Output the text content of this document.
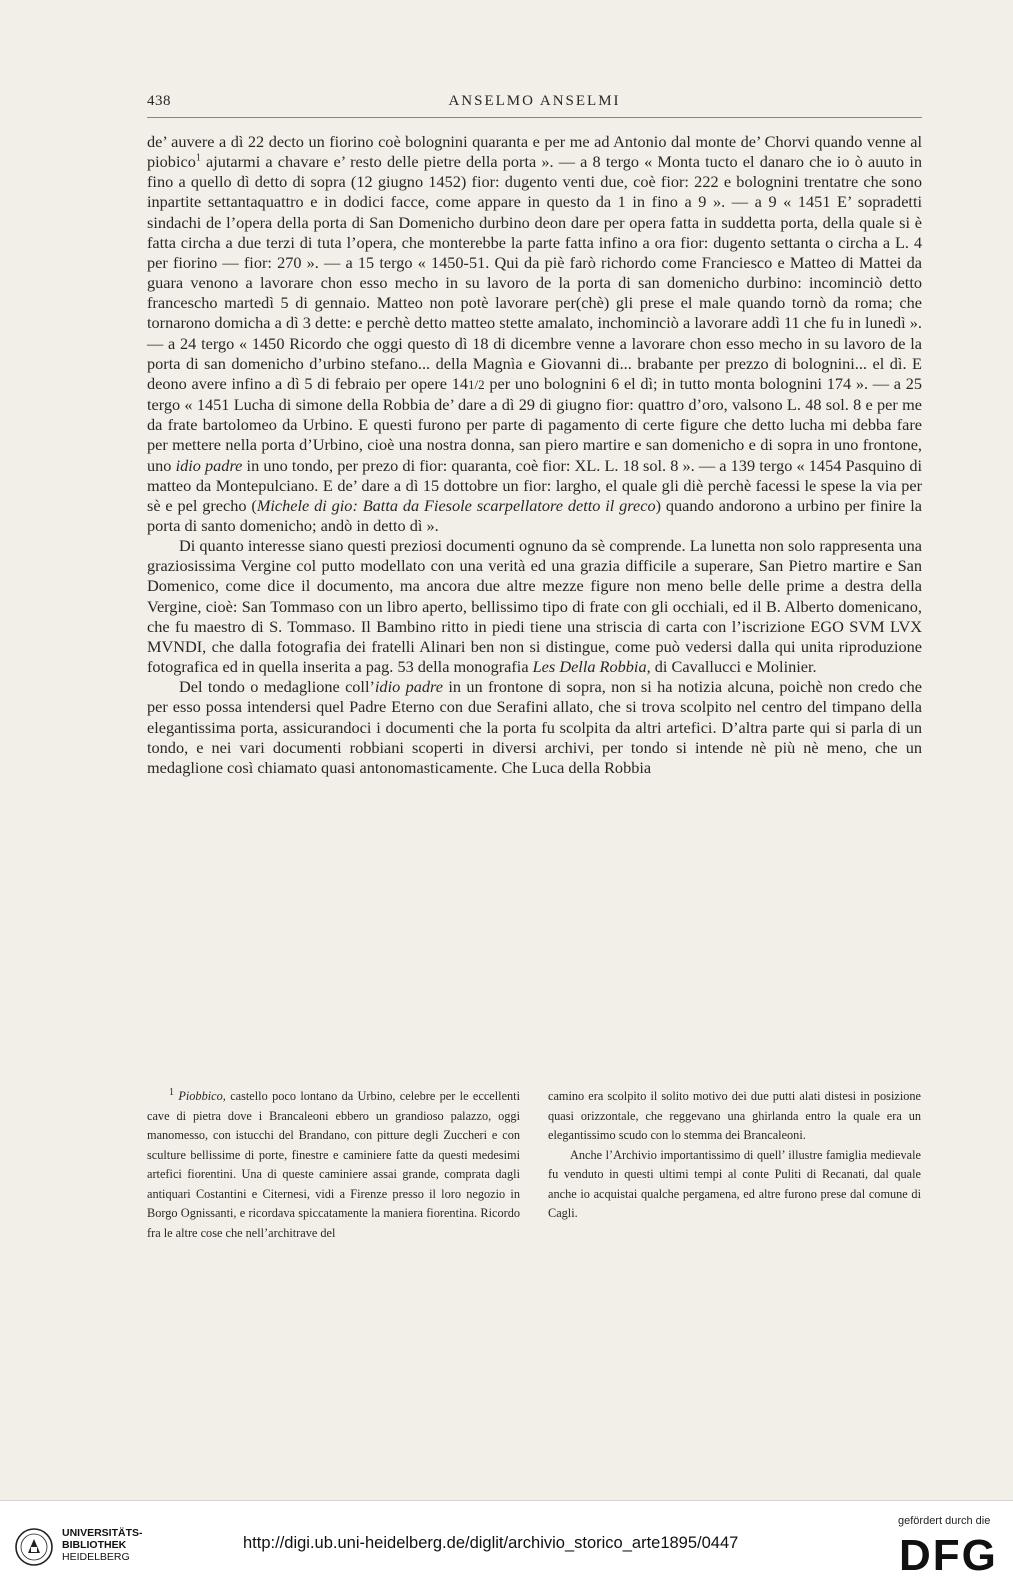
438	ANSELMO ANSELMI

de’ auvere a dì 22 decto un fiorino coè bolognini quaranta e per me ad Antonio dal monte de’ Chorvi quando venne al piobico$^1$ ajutarmi a chavare e’ resto delle pietre della porta ». — a 8 tergo « Monta tucto el danaro che io ò auuto in fino a quello dì detto di sopra (12 giugno 1452) fior: dugento venti due, coè fior: 222 e bolognini trentatre che sono inpartite settantaquattro e in dodici facce, come appare in questo da 1 in fino a 9 ». — a 9 « 1451 E’ sopradetti sindachi de l’opera della porta di San Domenicho durbino deon dare per opera fatta in suddetta porta, della quale si è fatta circha a due terzi di tuta l’opera, che monterebbe la parte fatta infino a ora fior: dugento settanta o circha a L. 4 per fiorino — fior: 270 ». — a 15 tergo « 1450-51. Qui da piè farò richordo come Franciesco e Matteo di Mattei da guara venono a lavorare chon esso mecho in su lavoro de la porta di san domenicho durbino: incominciò detto francescho martedì 5 di gennaio. Matteo non potè lavorare per(chè) gli prese el male quando tornò da roma; che tornarono domicha a dì 3 dette: e perchè detto matteo stette amalato, inchominciò a lavorare addì 11 che fu in lunedì ». — a 24 tergo « 1450 Ricordo che oggi questo dì 18 di dicembre venne a lavorare chon esso mecho in su lavoro de la porta di san domenicho d’urbino stefano... della Magnìa e Giovanni di... brabante per prezzo di bolognini... el dì. E deono avere infino a dì 5 di febraio per opere 141/2 per uno bolognini 6 el dì; in tutto monta bolognini 174 ». — a 25 tergo « 1451 Lucha di simone della Robbia de’ dare a dì 29 di giugno fior: quattro d’oro, valsono L. 48 sol. 8 e per me da frate bartolomeo da Urbino. E questi furono per parte di pagamento di certe figure che detto lucha mi debba fare per mettere nella porta d’Urbino, cioè una nostra donna, san piero martire e san domenicho e di sopra in uno frontone, uno idio padre in uno tondo, per prezo di fior: quaranta, coè fior: XL. L. 18 sol. 8 ». — a 139 tergo « 1454 Pasquino di matteo da Montepulciano. E de’ dare a dì 15 dottobre un fior: largho, el quale gli diè perchè facessi le spese la via per sè e pel grecho (Michele di gio: Batta da Fiesole scarpellatore detto il greco) quando andorono a urbino per finire la porta di santo domenicho; andò in detto dì ».

Di quanto interesse siano questi preziosi documenti ognuno da sè comprende. La lunetta non solo rappresenta una graziosissima Vergine col putto modellato con una verità ed una grazia difficile a superare, San Pietro martire e San Domenico, come dice il documento, ma ancora due altre mezze figure non meno belle delle prime a destra della Vergine, cioè: San Tommaso con un libro aperto, bellissimo tipo di frate con gli occhiali, ed il B. Alberto domenicano, che fu maestro di S. Tommaso. Il Bambino ritto in piedi tiene una striscia di carta con l’iscrizione EGO SVM LVX MVNDI, che dalla fotografia dei fratelli Alinari ben non si distingue, come può vedersi dalla qui unita riproduzione fotografica ed in quella inserita a pag. 53 della monografia Les Della Robbia, di Cavallucci e Molinier.

Del tondo o medaglione coll’idio padre in un frontone di sopra, non si ha notizia alcuna, poichè non credo che per esso possa intendersi quel Padre Eterno con due Serafini allato, che si trova scolpito nel centro del timpano della elegantissima porta, assicurandoci i documenti che la porta fu scolpita da altri artefici. D’altra parte qui si parla di un tondo, e nei vari documenti robbiani scoperti in diversi archivi, per tondo si intende nè più nè meno, che un medaglione così chiamato quasi antonomasticamente. Che Luca della Robbia

$^1$ Piobbico, castello poco lontano da Urbino, celebre per le eccellenti cave di pietra dove i Brancaleoni ebbero un grandioso palazzo, oggi manomesso, con istucchi del Brandano, con pitture degli Zuccheri e con sculture bellissime di porte, finestre e caminiere fatte da questi medesimi artefici fiorentini. Una di queste caminiere assai grande, comprata dagli antiquari Costantini e Citernesi, vidi a Firenze presso il loro negozio in Borgo Ognissanti, e ricordava spiccatamente la maniera fiorentina. Ricordo fra le altre cose che nell’architrave del

camino era scolpito il solito motivo dei due putti alati distesi in posizione quasi orizzontale, che reggevano una ghirlanda entro la quale era un elegantissimo scudo con lo stemma dei Brancaleoni.

Anche l’Archivio importantissimo di quell’ illustre famiglia medievale fu venduto in questi ultimi tempi al conte Puliti di Recanati, dal quale anche io acquistai qualche pergamena, ed altre furono prese dal comune di Cagli.

UNIVERSITÄTS-
BIBLIOTHEK
HEIDELBERG
http://digi.ub.uni-heidelberg.de/diglit/archivio_storico_arte1895/0447
gefördert durch die
DFG
